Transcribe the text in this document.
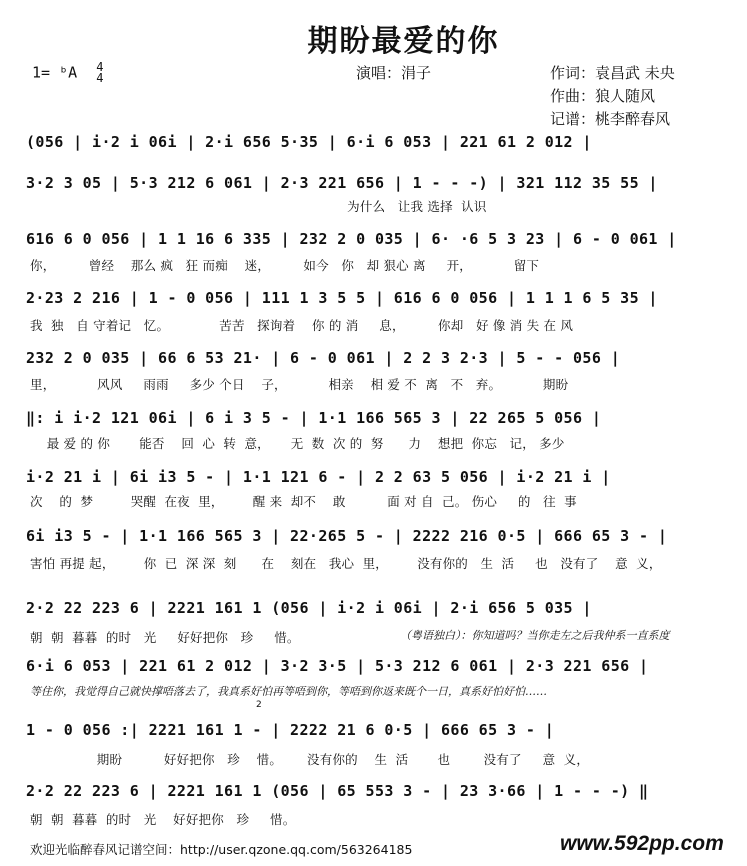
期盼最爱的你
1= ᵇA 4
4	演唱：涓子	作词：袁昌武 未央
作曲：狼人随风
记谱：桃李醉春风
(056 | i·2 i 06i | 2·i 656 5·35 | 6·i 6 053 | 221 61 2 012 |
3·2 3 05 | 5·3 212 6 061 | 2·3 221 656 | 1 - - -) | 321 112 35 55 |
为什么   让我 选择  认识
616 6 0 056 | 1 1 16 6 335 | 232 2 0 035 | 6· ·6 5 3 23 | 6 - 0 061 |
你，        曾经    那么 疯   狂 而痴    迷，        如今   你   却 狠心 离     开，          留下
2·23 2 216 | 1 - 0 056 | 111 1 3 5 5 | 616 6 0 056 | 1 1 1 6 5 35 |
我  独   自 守着记   忆。            苦苦   探询着    你 的 消     息，        你却   好 像 消 失 在 风
232 2 0 035 | 66 6 53 21· | 6 - 0 061 | 2 2 3 2·3 | 5 - - 056 |
里，          风风     雨雨     多少 个日    子，          相亲    相 爱 不  离   不   弃。          期盼
‖: i i·2 121 06i | 6 i 3 5 - | 1·1 166 565 3 | 22 265 5 056 |
最 爱 的 你       能否    回  心  转  意，     无  数  次 的  努      力    想把  你忘   记， 多少
i·2 21 i | 6i i3 5 - | 1·1 121 6 - | 2 2 63 5 056 | i·2 21 i |
次    的  梦         哭醒  在夜  里，       醒 来  却不    敢          面 对 自  己。 伤心     的   往  事
6i i3 5 - | 1·1 166 565 3 | 22·265 5 - | 2222 216 0·5 | 666 65 3 - |
害怕 再提 起，       你  已  深 深  刻      在    刻在   我心  里，       没有你的   生  活     也   没有了    意  义，
2·2 22 223 6 | 2221 161 1 (056 | i·2 i 06i | 2·i 656 5 035 |
朝  朝  暮暮  的时   光     好好把你   珍     惜。
6·i 6 053 | 221 61 2 012 | 3·2 3·5 | 5·3 212 6 061 | 2·3 221 656 |
1 - 0 056 :| 2221 161 1 - | 2222 21 6 0·5 | 666 65 3 - |
期盼          好好把你   珍    惜。      没有你的    生  活       也        没有了     意  义，
2·2 22 223 6 | 2221 161 1 (056 | 65 553 3 - | 23 3·66 | 1 - - -) ‖
朝  朝  暮暮  的时   光    好好把你   珍     惜。
（粤语独白）：你知道吗？当你走左之后我仲系一直系度
等住你，我觉得自己就快撑唔落去了，我真系好怕再等唔到你，等唔到你返来既个一日，真系好怕好怕……
2
欢迎光临醉春风记谱空间：http://user.qzone.qq.com/563264185	www.592pp.com
